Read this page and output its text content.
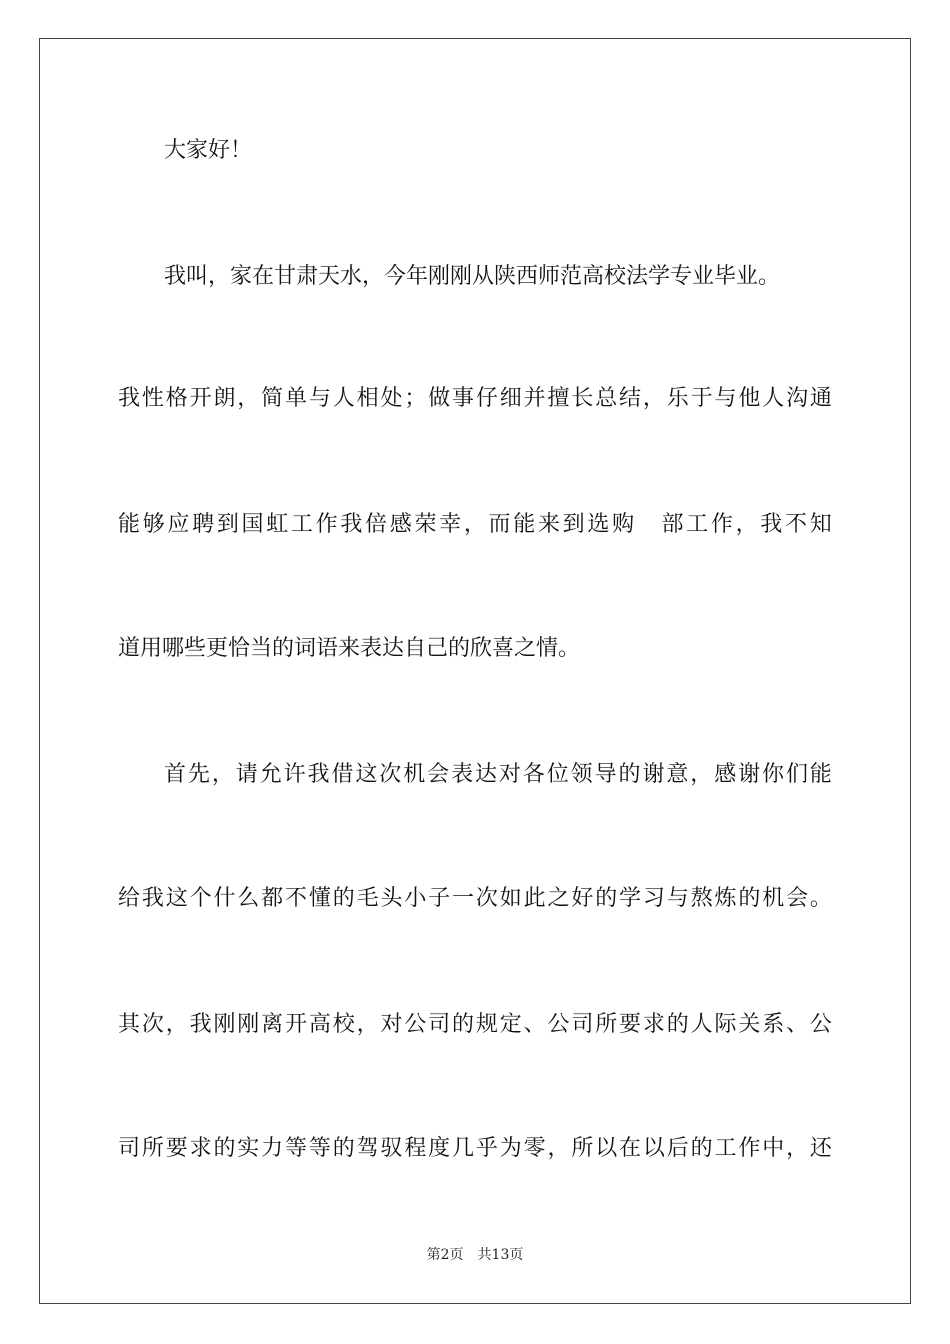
大家好！
我叫，家在甘肃天水，今年刚刚从陕西师范高校法学专业毕业。
我 性 格 开 朗 ， 简 单 与 人 相 处 ； 做 事 仔 细 并 擅 长 总 结 ， 乐 于 与 他 人 沟 通
能 够 应 聘 到 国 虹 工 作 我 倍 感 荣 幸 ， 而 能 来 到 选 购
　 部 工 作 ， 我 不 知
道用哪些更恰当的词语来表达自己的欣喜之情。
首 先 ， 请 允 许 我 借 这 次 机 会 表 达 对 各 位 领 导 的 谢 意 ， 感 谢 你 们 能
给 我 这 个 什 么 都 不 懂 的 毛 头 小 子 一 次 如 此 之 好 的 学 习 与 熬 炼 的 机 会 。
其 次 ， 我 刚 刚 离 开 高 校 ， 对 公 司 的 规 定 、 公 司 所 要 求 的 人 际 关 系 、 公
司 所 要 求 的 实 力 等 等 的 驾 驭 程 度 几 乎 为 零 ， 所 以 在 以 后 的 工 作 中 ， 还
第2页 共13页
